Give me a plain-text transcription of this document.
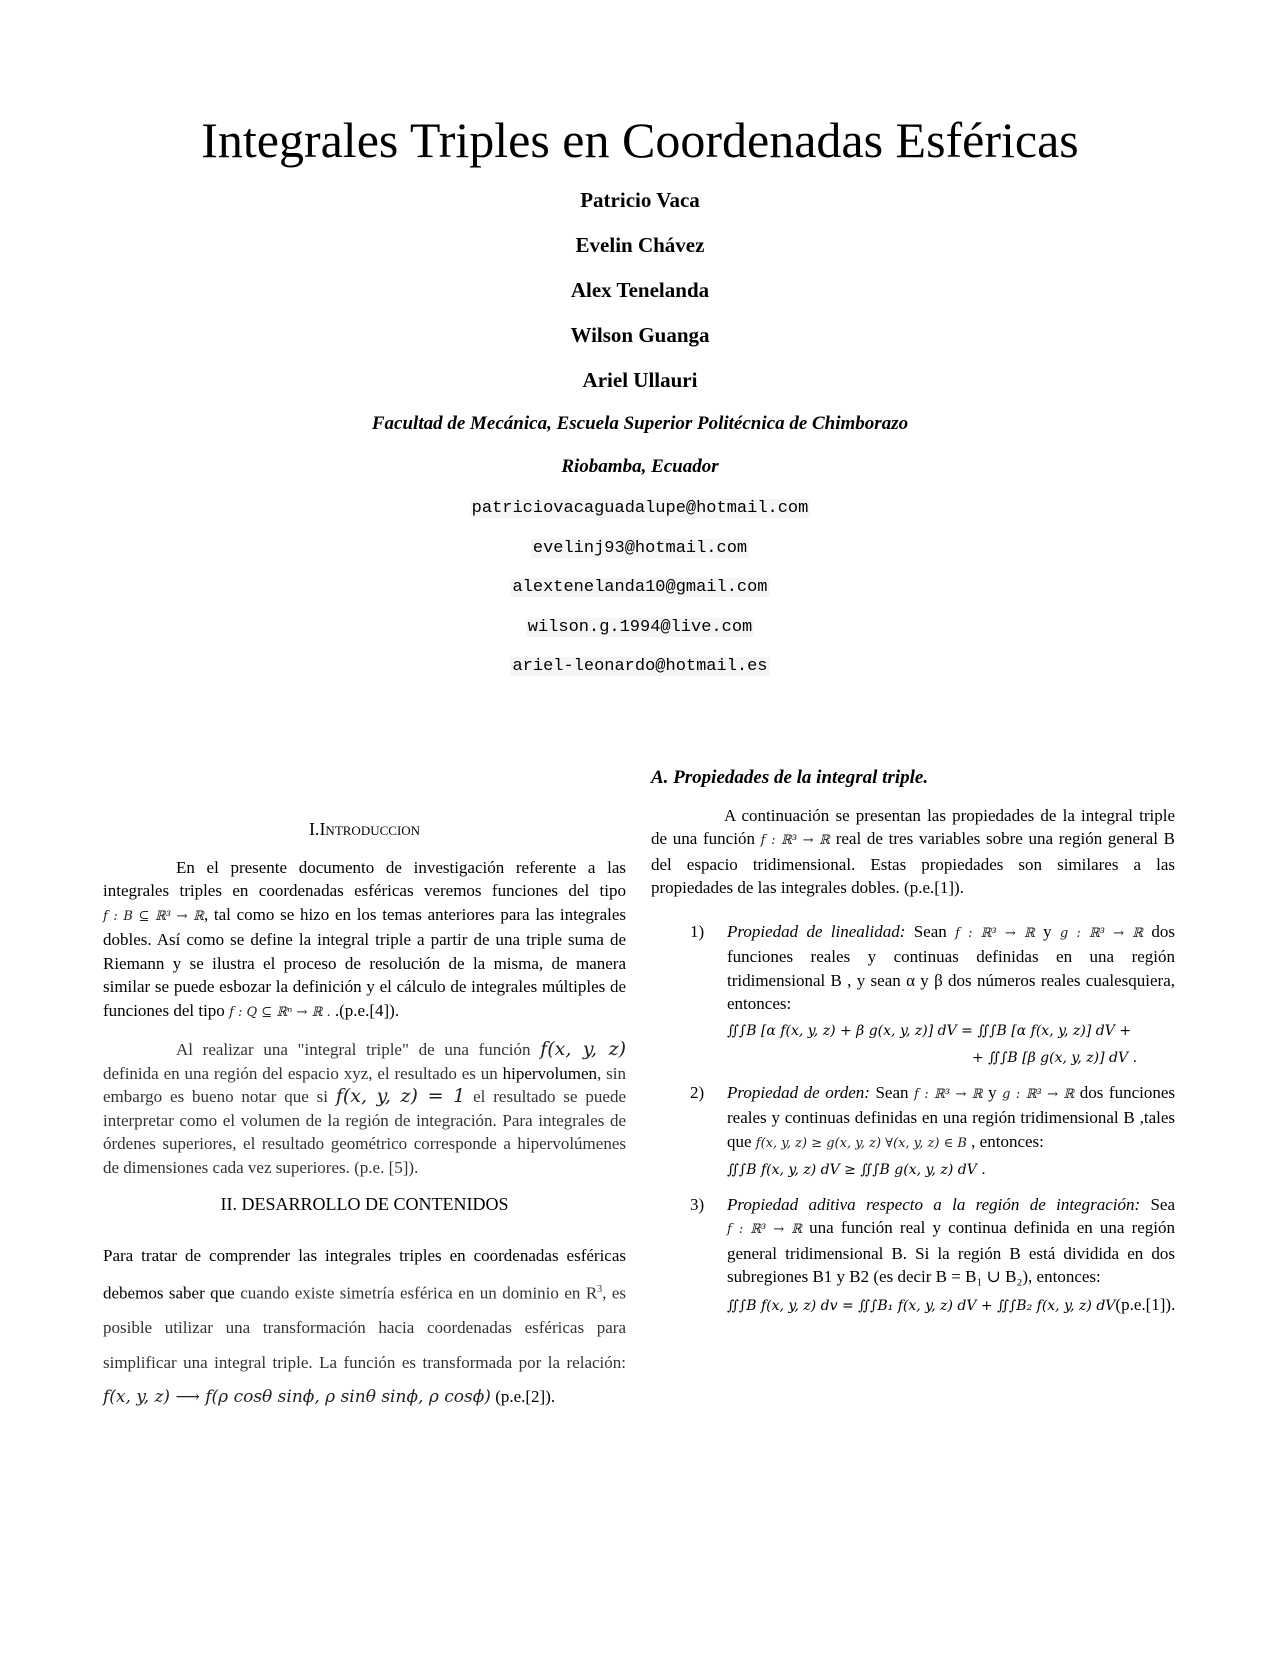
Integrales Triples en Coordenadas Esféricas
Patricio Vaca
Evelin Chávez
Alex Tenelanda
Wilson Guanga
Ariel Ullauri
Facultad de Mecánica, Escuela Superior Politécnica de Chimborazo
Riobamba, Ecuador
patriciovacaguadalupe@hotmail.com
evelinj93@hotmail.com
alextenelanda10@gmail.com
wilson.g.1994@live.com
ariel-leonardo@hotmail.es
I.Introduccion

En el presente documento de investigación referente a las integrales triples en coordenadas esféricas veremos funciones del tipo f : B ⊆ ℝ³ → ℝ, tal como se hizo en los temas anteriores para las integrales dobles. Así como se define la integral triple a partir de una triple suma de Riemann y se ilustra el proceso de resolución de la misma, de manera similar se puede esbozar la definición y el cálculo de integrales múltiples de funciones del tipo f : Q ⊆ ℝⁿ → ℝ . .(p.e.[4]).

Al realizar una "integral triple" de una función f(x, y, z) definida en una región del espacio xyz, el resultado es un hipervolumen, sin embargo es bueno notar que si f(x, y, z) = 1 el resultado se puede interpretar como el volumen de la región de integración. Para integrales de órdenes superiores, el resultado geométrico corresponde a hipervolúmenes de dimensiones cada vez superiores. (p.e. [5]).

II. DESARROLLO DE CONTENIDOS

Para tratar de comprender las integrales triples en coordenadas esféricas debemos saber que cuando existe simetría esférica en un dominio en $R^3$, es posible utilizar una transformación hacia coordenadas esféricas para simplificar una integral triple. La función es transformada por la relación: f(x, y, z) ⟶ f(ρ cosθ sinϕ, ρ sinθ sinϕ, ρ cosϕ) (p.e.[2]).

A. Propiedades de la integral triple.

A continuación se presentan las propiedades de la integral triple de una función f : ℝ³ → ℝ real de tres variables sobre una región general B del espacio tridimensional. Estas propiedades son similares a las propiedades de las integrales dobles. (p.e.[1]).

1) Propiedad de linealidad: Sean f : ℝ³ → ℝ y g : ℝ³ → ℝ dos funciones reales y continuas definidas en una región tridimensional B , y sean α y β dos números reales cualesquiera, entonces:
∬∫B [α f(x, y, z) + β g(x, y, z)] dV = ∬∫B [α f(x, y, z)] dV +
+ ∬∫B [β g(x, y, z)] dV .
2) Propiedad de orden: Sean f : ℝ³ → ℝ y g : ℝ³ → ℝ dos funciones reales y continuas definidas en una región tridimensional B ,tales que f(x, y, z) ≥ g(x, y, z) ∀(x, y, z) ∈ B , entonces:
∬∫B f(x, y, z) dV ≥ ∬∫B g(x, y, z) dV .
3) Propiedad aditiva respecto a la región de integración: Sea f : ℝ³ → ℝ una función real y continua definida en una región general tridimensional B. Si la región B está dividida en dos subregiones B1 y B2 (es decir B = B₁ ∪ B₂), entonces:
∬∫B f(x, y, z) dv = ∬∫B₁ f(x, y, z) dV + ∬∫B₂ f(x, y, z) dV(p.e.[1]).
